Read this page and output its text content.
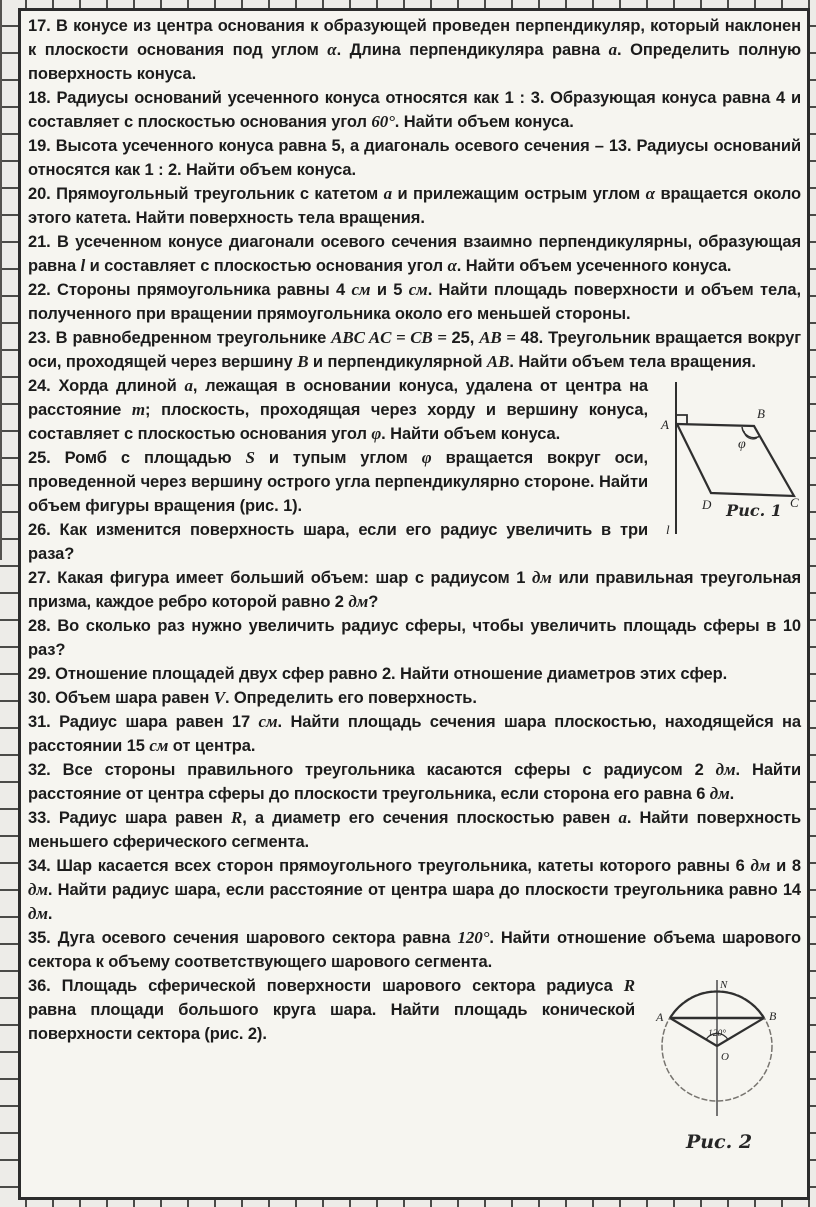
17. В конусе из центра основания к образующей проведен перпендикуляр, который наклонен к плоскости основания под углом α. Длина перпендикуляра равна a. Определить полную поверхность конуса.

18. Радиусы оснований усеченного конуса относятся как 1 : 3. Образующая конуса равна 4 и составляет с плоскостью основания угол 60°. Найти объем конуса.

19. Высота усеченного конуса равна 5, а диагональ осевого сечения – 13. Радиусы оснований относятся как 1 : 2. Найти объем конуса.

20. Прямоугольный треугольник с катетом a и прилежащим острым углом α вращается около этого катета. Найти поверхность тела вращения.

21. В усеченном конусе диагонали осевого сечения взаимно перпендикулярны, образующая равна l и составляет с плоскостью основания угол α. Найти объем усеченного конуса.

22. Стороны прямоугольника равны 4 см и 5 см. Найти площадь поверхности и объем тела, полученного при вращении прямоугольника около его меньшей стороны.

23. В равнобедренном треугольнике ABC AC = CB = 25, AB = 48. Треугольник вращается вокруг оси, проходящей через вершину B и перпендикулярной AB. Найти объем тела вращения.

A
B
C
D
φ
l
Рис. 1

24. Хорда длиной a, лежащая в основании конуса, удалена от центра на расстояние m; плоскость, проходящая через хорду и вершину конуса, составляет с плоскостью основания угол φ. Найти объем конуса.

25. Ромб с площадью S и тупым углом φ вращается вокруг оси, проведенной через вершину острого угла перпендикулярно стороне. Найти объем фигуры вращения (рис. 1).

26. Как изменится поверхность шара, если его радиус увеличить в три раза?

27. Какая фигура имеет больший объем: шар с радиусом 1 дм или правильная треугольная призма, каждое ребро которой равно 2 дм?

28. Во сколько раз нужно увеличить радиус сферы, чтобы увеличить площадь сферы в 10 раз?

29. Отношение площадей двух сфер равно 2. Найти отношение диаметров этих сфер.

30. Объем шара равен V. Определить его поверхность.

31. Радиус шара равен 17 см. Найти площадь сечения шара плоскостью, находящейся на расстоянии 15 см от центра.

32. Все стороны правильного треугольника касаются сферы с радиусом 2 дм. Найти расстояние от центра сферы до плоскости треугольника, если сторона его равна 6 дм.

33. Радиус шара равен R, а диаметр его сечения плоскостью равен a. Найти поверхность меньшего сферического сегмента.

34. Шар касается всех сторон прямоугольного треугольника, катеты которого равны 6 дм и 8 дм. Найти радиус шара, если расстояние от центра шара до плоскости треугольника равно 14 дм.

35. Дуга осевого сечения шарового сектора равна 120°. Найти отношение объема шарового сектора к объему соответствующего шарового сегмента.

N
A	B
O
120°
Рис. 2

36. Площадь сферической поверхности шарового сектора радиуса R равна площади большого круга шара. Найти площадь конической поверхности сектора (рис. 2).
